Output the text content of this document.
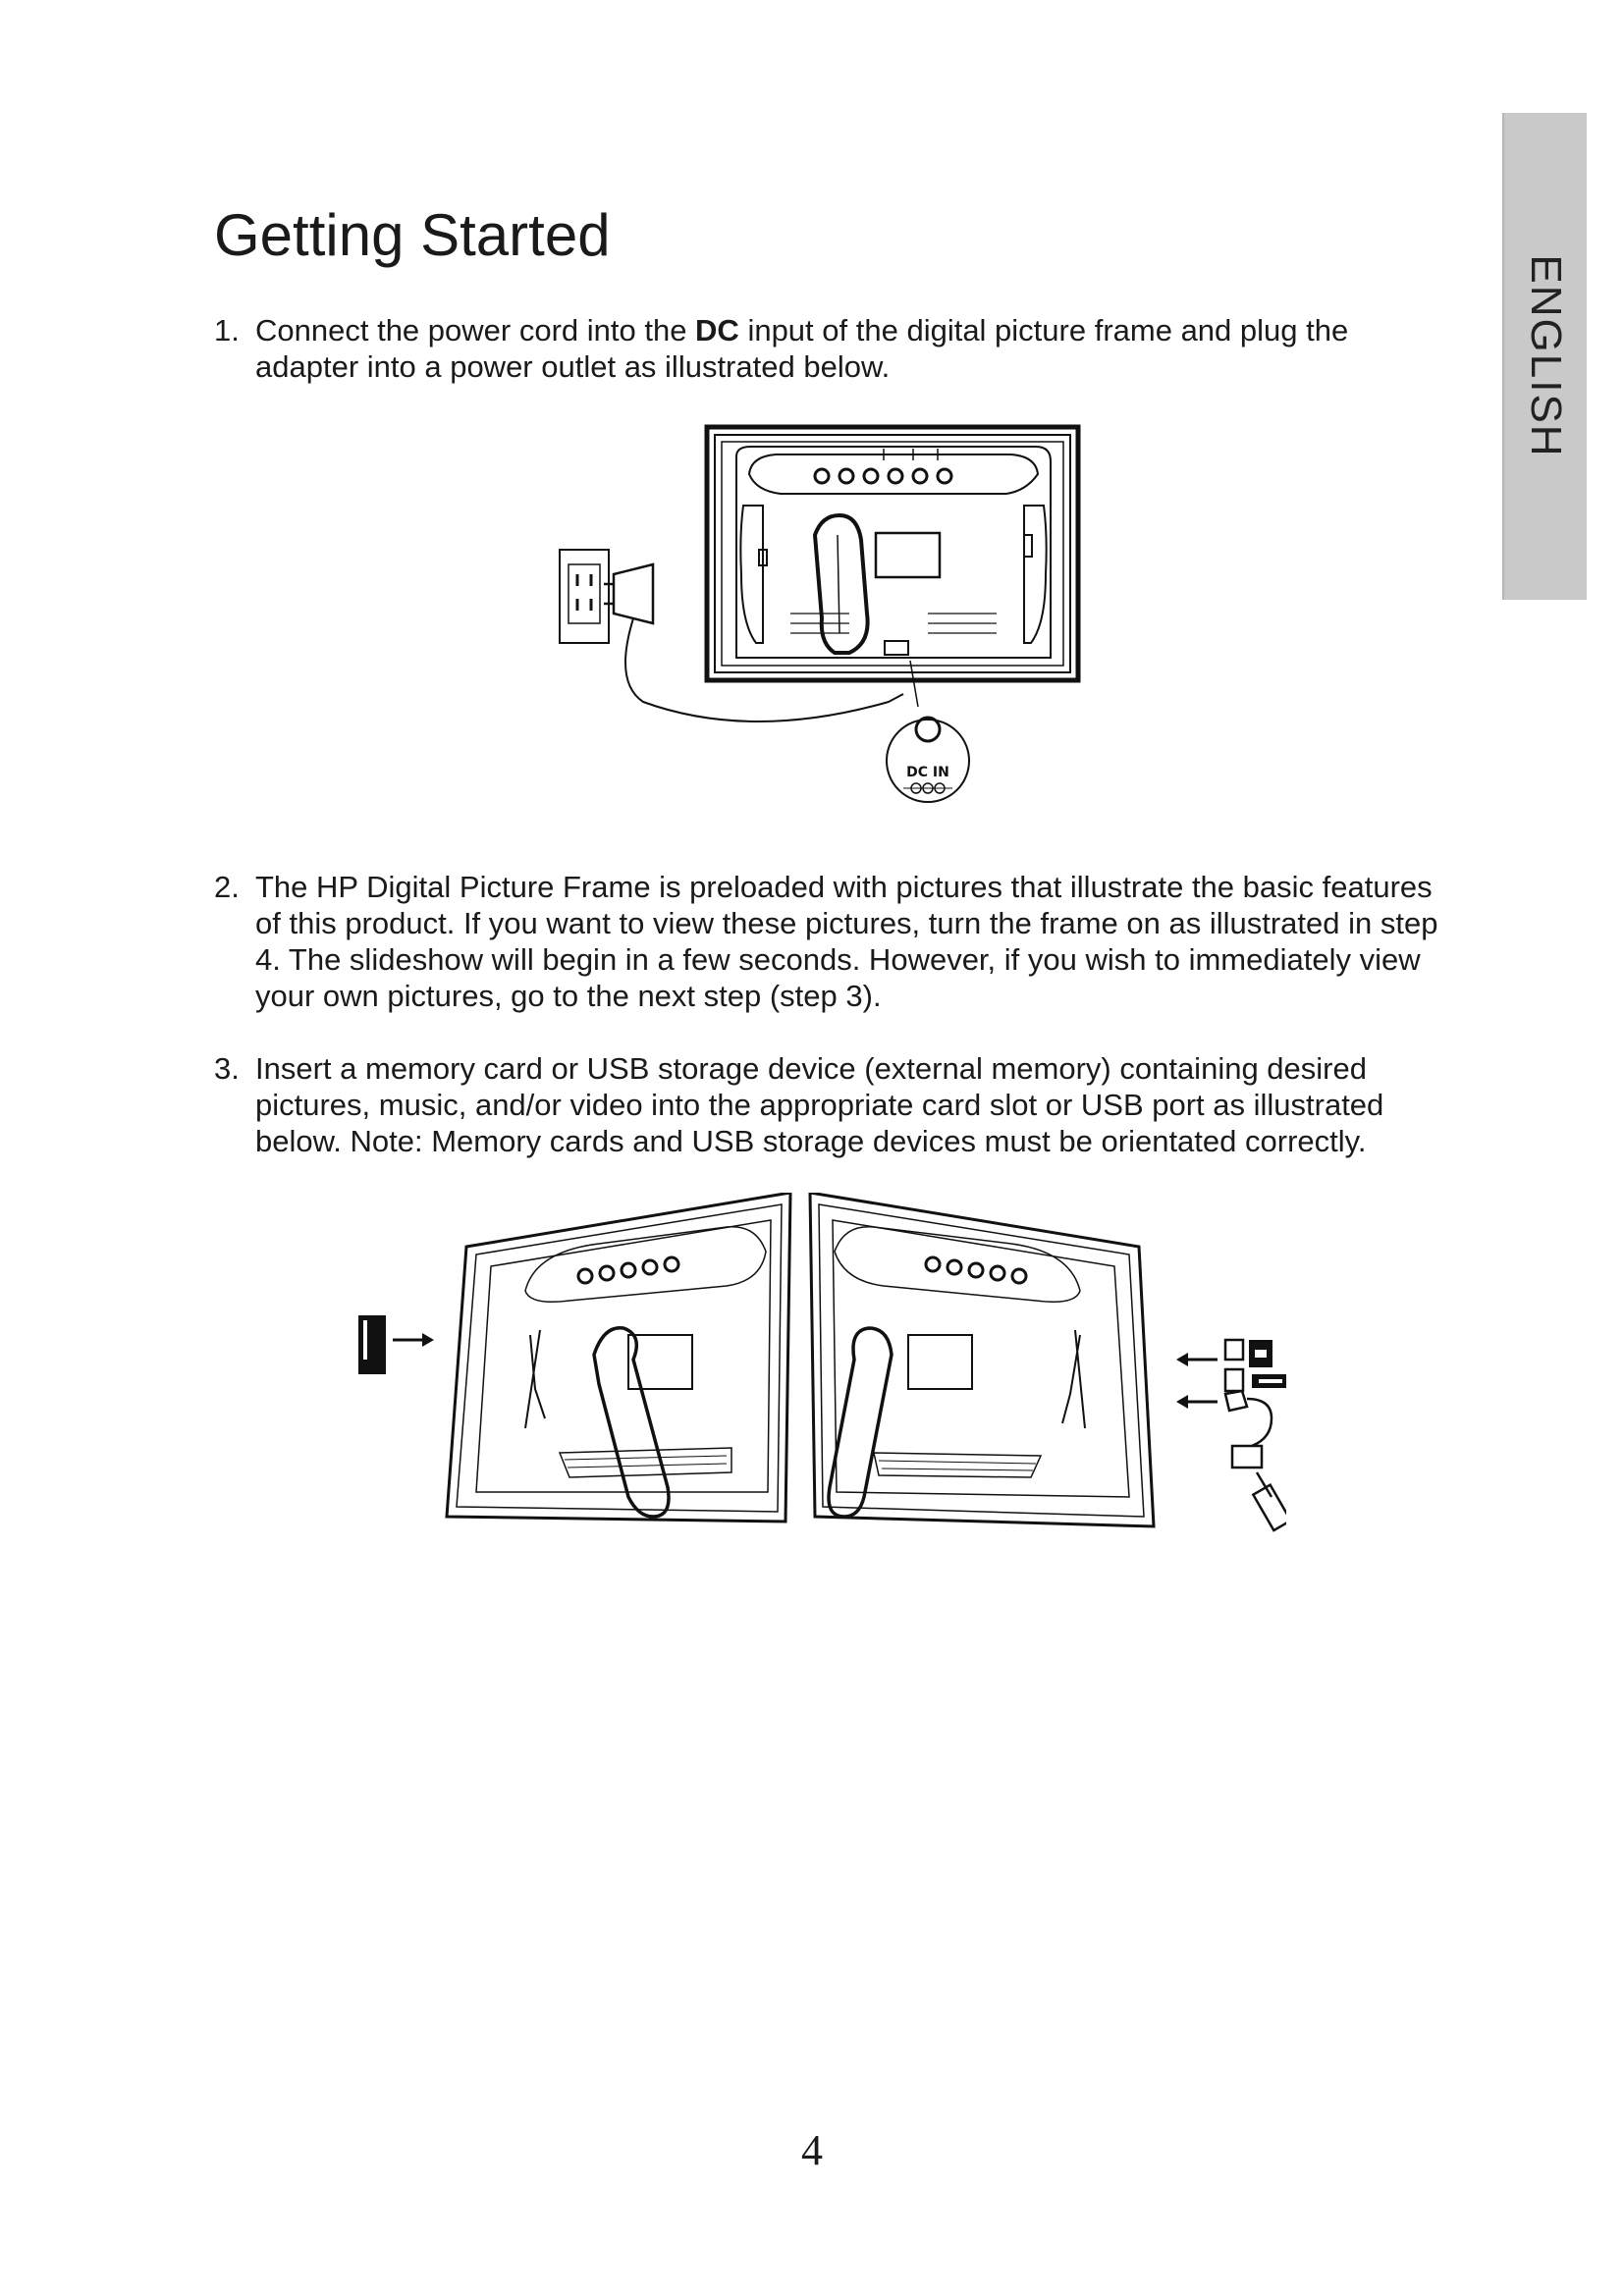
ENGLISH
Getting Started

1. Connect the power cord into the DC input of the digital picture frame and plug the adapter into a power outlet as illustrated below.

DC IN

2. The HP Digital Picture Frame is preloaded with pictures that illustrate the basic features of this product. If you want to view these pictures, turn the frame on as illustrated in step 4. The slideshow will begin in a few seconds. However, if you wish to immediately view your own pictures, go to the next step (step 3).

3. Insert a memory card or USB storage device (external memory) containing desired pictures, music, and/or video into the appropriate card slot or USB port as illustrated below. Note: Memory cards and USB storage devices must be orientated correctly.

4
